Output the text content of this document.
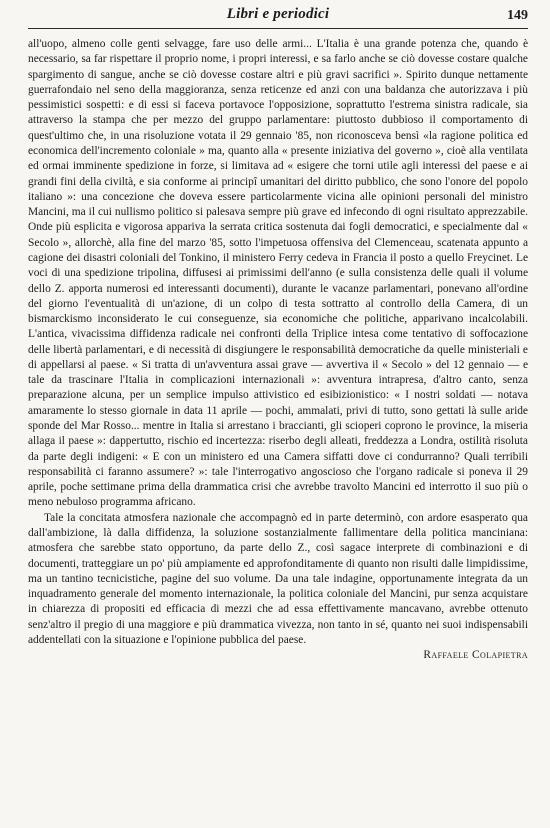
Libri e periodici	149

all'uopo, almeno colle genti selvagge, fare uso delle armi... L'Italia è una grande potenza che, quando è necessario, sa far rispettare il proprio nome, i propri interessi, e sa farlo anche se ciò dovesse costare qualche spargimento di sangue, anche se ciò dovesse costare altri e più gravi sacrifici ». Spirito dunque nettamente guerrafondaio nel seno della maggioranza, senza reticenze ed anzi con una baldanza che autorizzava i più pessimistici sospetti: e di essi si faceva portavoce l'opposizione, soprattutto l'estrema sinistra radicale, sia attraverso la stampa che per mezzo del gruppo parlamentare: piuttosto dubbioso il comportamento di quest'ultimo che, in una risoluzione votata il 29 gennaio '85, non riconosceva bensì «la ragione politica ed economica dell'incremento coloniale » ma, quanto alla « presente iniziativa del governo », cioè alla ventilata ed ormai imminente spedizione in forze, si limitava ad « esigere che torni utile agli interessi del paese e ai grandi fini della civiltà, e sia conforme ai principî umanitari del diritto pubblico, che sono l'onore del popolo italiano »: una concezione che doveva essere particolarmente vicina alle opinioni personali del ministro Mancini, ma il cui nullismo politico si palesava sempre più grave ed infecondo di ogni risultato apprezzabile. Onde più esplicita e vigorosa appariva la serrata critica sostenuta dai fogli democratici, e specialmente dal « Secolo », allorchè, alla fine del marzo '85, sotto l'impetuosa offensiva del Clemenceau, scatenata appunto a cagione dei disastri coloniali del Tonkino, il ministero Ferry cedeva in Francia il posto a quello Freycinet. Le voci di una spedizione tripolina, diffusesi ai primissimi dell'anno (e sulla consistenza delle quali il volume dello Z. apporta numerosi ed interessanti documenti), durante le vacanze parlamentari, ponevano all'ordine del giorno l'eventualità di un'azione, di un colpo di testa sottratto al controllo della Camera, di un bismarckismo inconsiderato le cui conseguenze, sia economiche che politiche, apparivano incalcolabili. L'antica, vivacissima diffidenza radicale nei confronti della Triplice intesa come tentativo di soffocazione delle libertà parlamentari, e di necessità di disgiungere le responsabilità democratiche da quelle ministeriali e di appellarsi al paese. « Si tratta di un'avventura assai grave — avvertiva il « Secolo » del 12 gennaio — e tale da trascinare l'Italia in complicazioni internazionali »: avventura intrapresa, d'altro canto, senza preparazione alcuna, per un semplice impulso attivistico ed esibizionistico: « I nostri soldati — notava amaramente lo stesso giornale in data 11 aprile — pochi, ammalati, privi di tutto, sono gettati là sulle aride sponde del Mar Rosso... mentre in Italia si arrestano i braccianti, gli scioperi coprono le province, la miseria allaga il paese »: dappertutto, rischio ed incertezza: riserbo degli alleati, freddezza a Londra, ostilità risoluta da parte degli indigeni: « E con un ministero ed una Camera siffatti dove ci condurranno? Quali terribili responsabilità ci faranno assumere? »: tale l'interrogativo angoscioso che l'organo radicale si poneva il 29 aprile, poche settimane prima della drammatica crisi che avrebbe travolto Mancini ed interrotto il suo più o meno nebuloso programma africano.

Tale la concitata atmosfera nazionale che accompagnò ed in parte determinò, con ardore esasperato qua dall'ambizione, là dalla diffidenza, la soluzione sostanzialmente fallimentare della politica manciniana: atmosfera che sarebbe stato opportuno, da parte dello Z., così sagace interprete di combinazioni e di documenti, tratteggiare un po' più ampiamente ed approfonditamente di quanto non risulti dalle limpidissime, ma un tantino tecnicistiche, pagine del suo volume. Da una tale indagine, opportunamente integrata da un inquadramento generale del momento internazionale, la politica coloniale del Mancini, pur senza acquistare in chiarezza di propositi ed efficacia di mezzi che ad essa effettivamente mancavano, avrebbe ottenuto senz'altro il pregio di una maggiore e più drammatica vivezza, non tanto in sé, quanto nei suoi indispensabili addentellati con la situazione e l'opinione pubblica del paese.

Raffaele Colapietra
